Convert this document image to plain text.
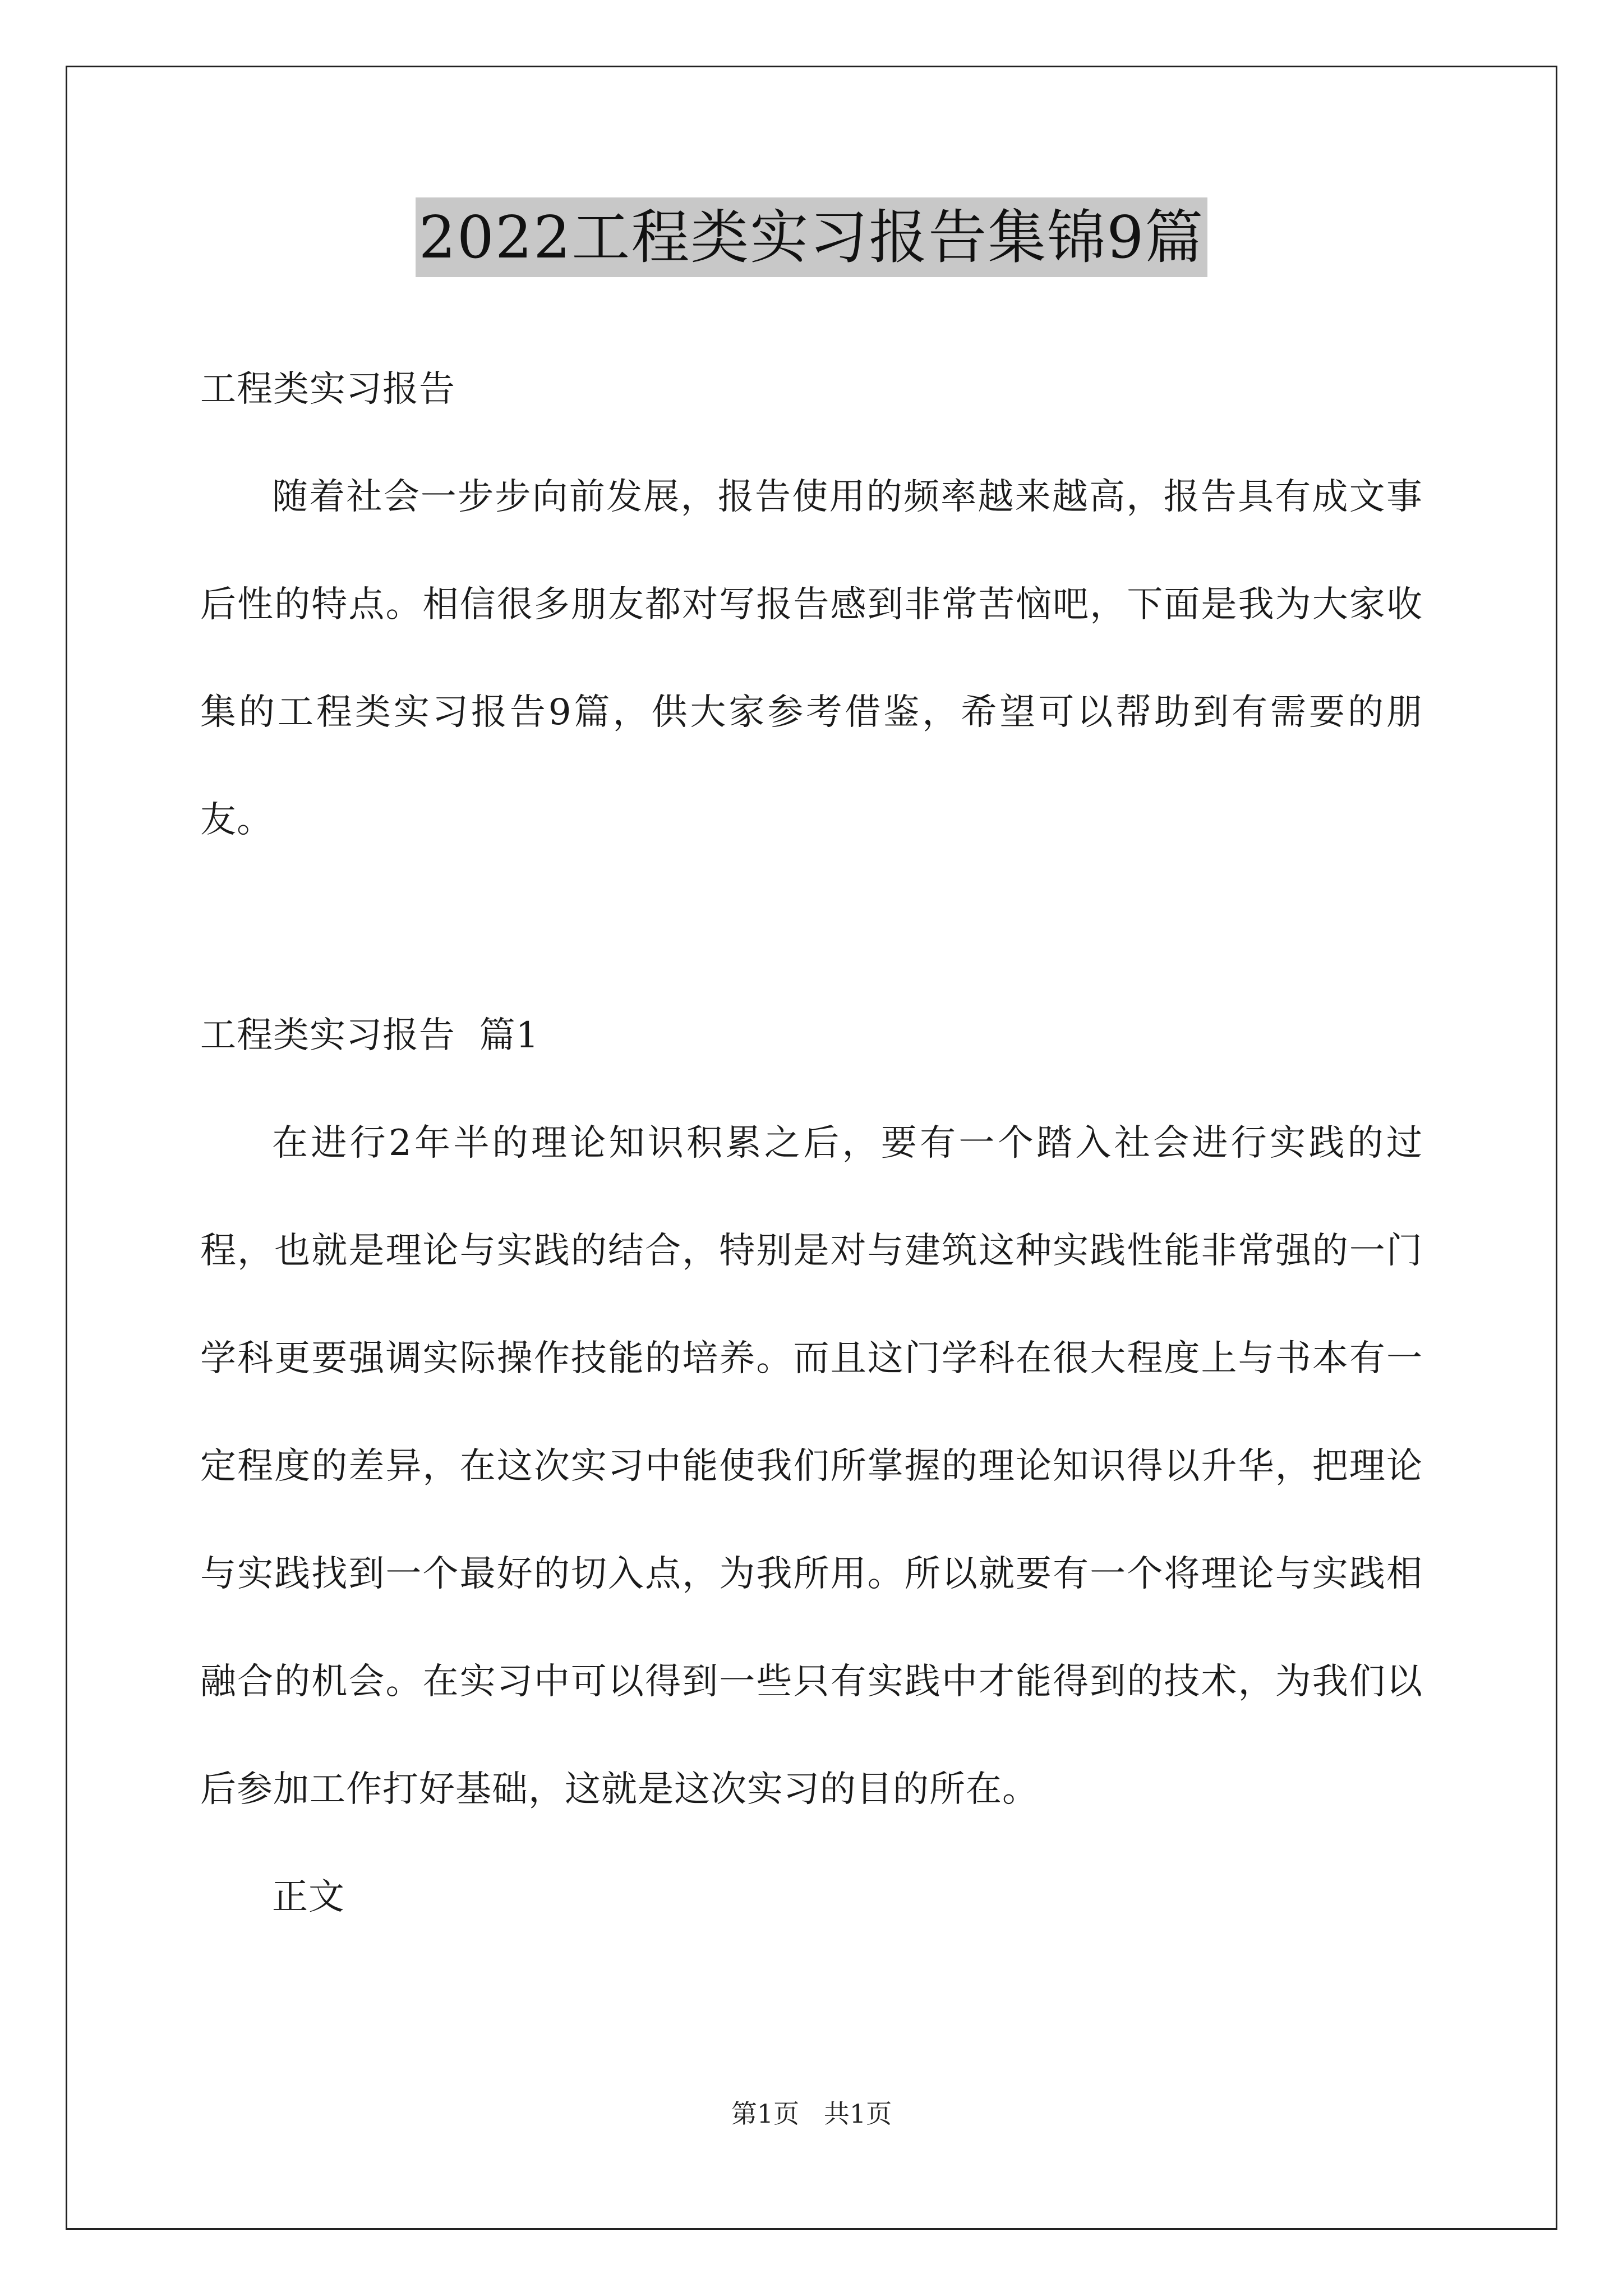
2022工程类实习报告集锦9篇

工程类实习报告

随着社会一步步向前发展，报告使用的频率越来越高，报告具有成文事后性的特点。相信很多朋友都对写报告感到非常苦恼吧，下面是我为大家收集的工程类实习报告9篇，供大家参考借鉴，希望可以帮助到有需要的朋友。

工程类实习报告  篇1

在进行2年半的理论知识积累之后，要有一个踏入社会进行实践的过程，也就是理论与实践的结合，特别是对与建筑这种实践性能非常强的一门学科更要强调实际操作技能的培养。而且这门学科在很大程度上与书本有一定程度的差异，在这次实习中能使我们所掌握的理论知识得以升华，把理论与实践找到一个最好的切入点，为我所用。所以就要有一个将理论与实践相融合的机会。在实习中可以得到一些只有实践中才能得到的技术，为我们以后参加工作打好基础，这就是这次实习的目的所在。

正文

第1页   共1页
